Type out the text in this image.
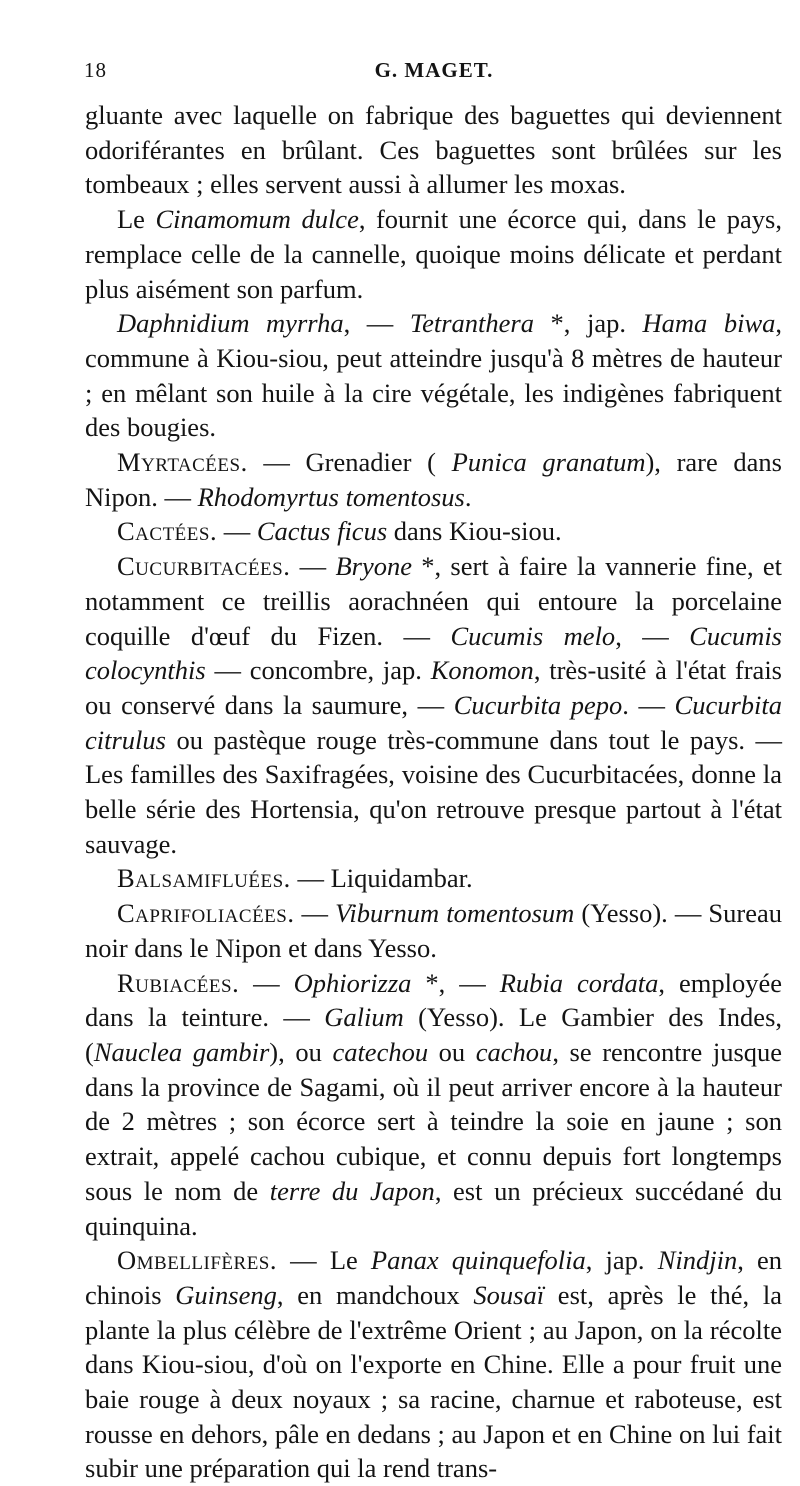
18	G. MAGET.

gluante avec laquelle on fabrique des baguettes qui deviennent odoriférantes en brûlant. Ces baguettes sont brûlées sur les tombeaux ; elles servent aussi à allumer les moxas.

Le Cinamomum dulce, fournit une écorce qui, dans le pays, remplace celle de la cannelle, quoique moins délicate et perdant plus aisément son parfum.

Daphnidium myrrha, — Tetranthera *, jap. Hama biwa, commune à Kiou-siou, peut atteindre jusqu'à 8 mètres de hauteur ; en mêlant son huile à la cire végétale, les indigènes fabriquent des bougies.

Myrtacées. — Grenadier ( Punica granatum), rare dans Nipon. — Rhodomyrtus tomentosus.

Cactées. — Cactus ficus dans Kiou-siou.

Cucurbitacées. — Bryone *, sert à faire la vannerie fine, et notamment ce treillis aorachnéen qui entoure la porcelaine coquille d'œuf du Fizen. — Cucumis melo, — Cucumis colocynthis — concombre, jap. Konomon, très-usité à l'état frais ou conservé dans la saumure, — Cucurbita pepo. — Cucurbita citrulus ou pastèque rouge très-commune dans tout le pays. — Les familles des Saxifragées, voisine des Cucurbitacées, donne la belle série des Hortensia, qu'on retrouve presque partout à l'état sauvage.

Balsamifluées. — Liquidambar.

Caprifoliacées. — Viburnum tomentosum (Yesso). — Sureau noir dans le Nipon et dans Yesso.

Rubiacées. — Ophiorizza *, — Rubia cordata, employée dans la teinture. — Galium (Yesso). Le Gambier des Indes, (Nauclea gambir), ou catechou ou cachou, se rencontre jusque dans la province de Sagami, où il peut arriver encore à la hauteur de 2 mètres ; son écorce sert à teindre la soie en jaune ; son extrait, appelé cachou cubique, et connu depuis fort longtemps sous le nom de terre du Japon, est un précieux succédané du quinquina.

Ombellifères. — Le Panax quinquefolia, jap. Nindjin, en chinois Guinseng, en mandchoux Sousaï est, après le thé, la plante la plus célèbre de l'extrême Orient ; au Japon, on la récolte dans Kiou-siou, d'où on l'exporte en Chine. Elle a pour fruit une baie rouge à deux noyaux ; sa racine, charnue et raboteuse, est rousse en dehors, pâle en dedans ; au Japon et en Chine on lui fait subir une préparation qui la rend trans-
